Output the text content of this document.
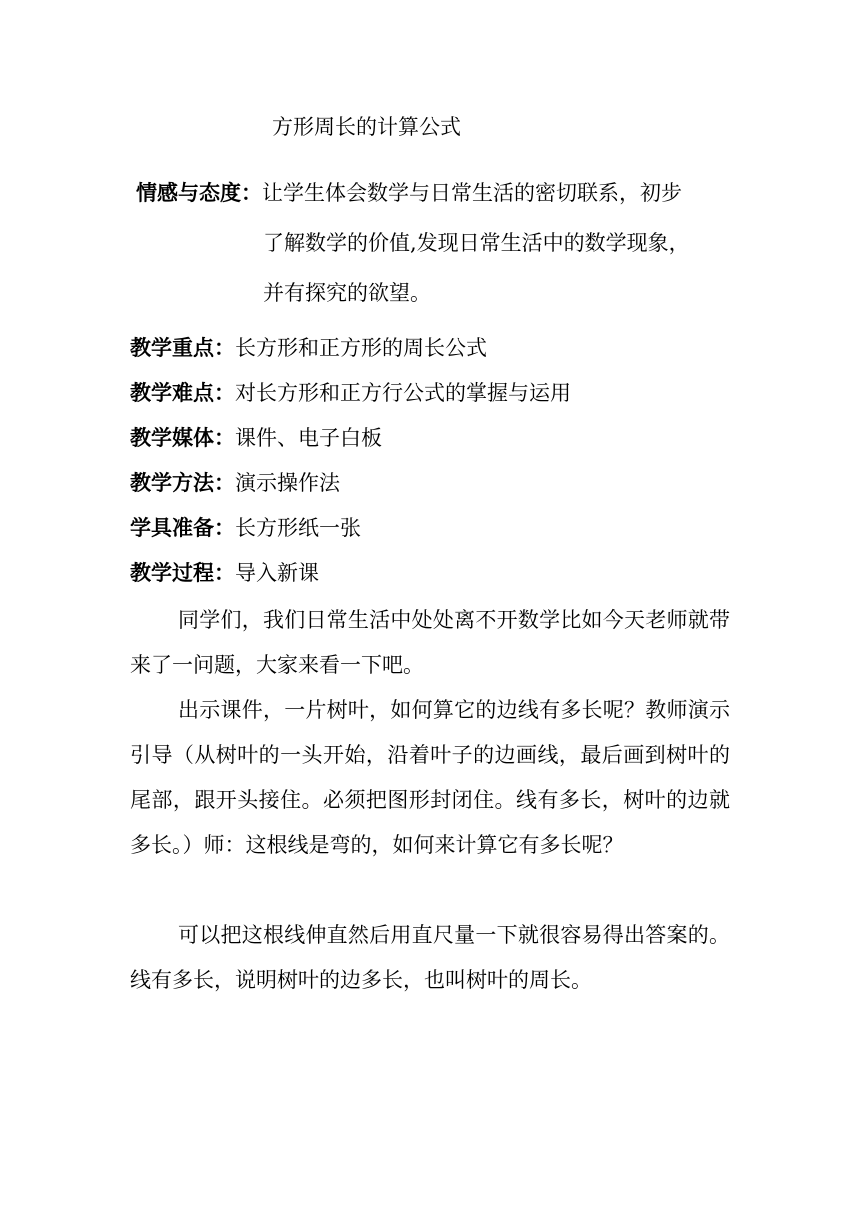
方形周长的计算公式
情感与态度：让学生体会数学与日常生活的密切联系，初步
了解数学的价值,发现日常生活中的数学现象，
并有探究的欲望。
教学重点：长方形和正方形的周长公式
教学难点：对长方形和正方行公式的掌握与运用
教学媒体：课件、电子白板
教学方法：演示操作法
学具准备：长方形纸一张
教学过程：导入新课
同学们，我们日常生活中处处离不开数学比如今天老师就带来了一问题，大家来看一下吧。
出示课件，一片树叶，如何算它的边线有多长呢？教师演示引导（从树叶的一头开始，沿着叶子的边画线，最后画到树叶的尾部，跟开头接住。必须把图形封闭住。线有多长，树叶的边就多长。）师：这根线是弯的，如何来计算它有多长呢？
可以把这根线伸直然后用直尺量一下就很容易得出答案的。线有多长，说明树叶的边多长，也叫树叶的周长。
